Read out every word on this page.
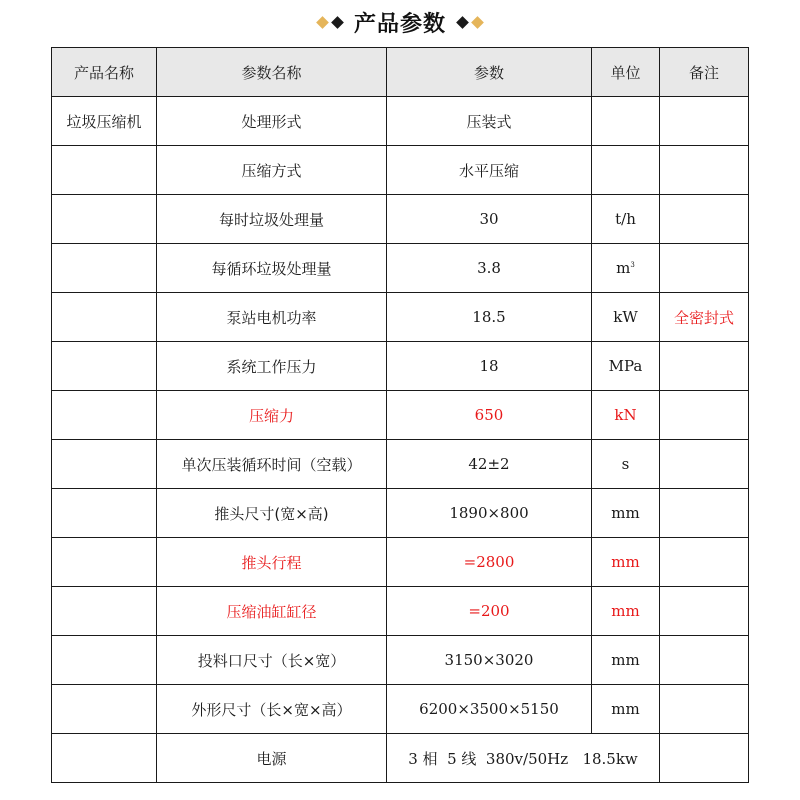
产品参数
产品名称	参数名称	参数	单位	备注
垃圾压缩机	处理形式	压装式		
	压缩方式	水平压缩		
	每时垃圾处理量	30	t/h	
	每循环垃圾处理量	3.8	$m^3$	
	泵站电机功率	18.5	kW	全密封式
	系统工作压力	18	MPa	
	压缩力	650	kN	
	单次压装循环时间（空载）	42±2	s	
	推头尺寸(宽×高)	1890×800	mm	
	推头行程	=2800	mm	
	压缩油缸缸径	=200	mm	
	投料口尺寸（长×宽）	3150×3020	mm	
	外形尺寸（长×宽×高）	6200×3500×5150	mm	
	电源	3 相  5 线  380v/50Hz   18.5kw		
